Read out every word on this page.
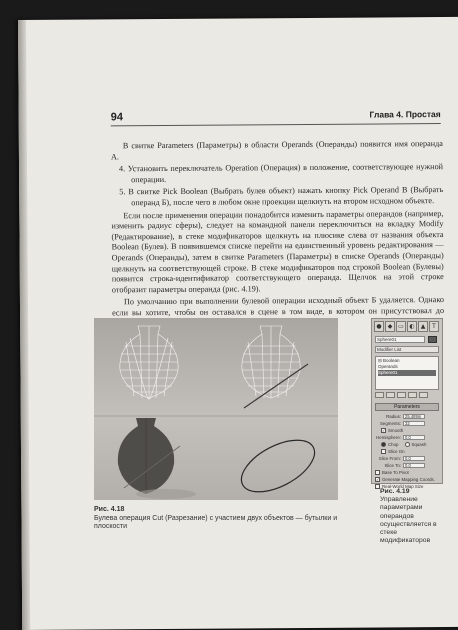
94	Глава 4. Простая

В свитке Parameters (Параметры) в области Operands (Операнды) появится имя операнда А.

4. Установить переключатель Operation (Операция) в положение, соответствующее нужной операции.

5. В свитке Pick Boolean (Выбрать булев объект) нажать кнопку Pick Operand B (Выбрать операнд Б), после чего в любом окне проекции щелкнуть на втором исходном объекте.

Если после применения операции понадобится изменить параметры операндов (например, изменить радиус сферы), следует на командной панели переключиться на вкладку Modify (Редактирование), в стеке модификаторов щелкнуть на плюсике слева от названия объекта Boolean (Булев). В появившемся списке перейти на единственный уровень редактирования — Operands (Операнды), затем в свитке Parameters (Параметры) в списке Operands (Операнды) щелкнуть на соответствующей строке. В стеке модификаторов под строкой Boolean (Булевы) появится строка-идентификатор соответствующего операнда. Щелчок на этой строке отобразит параметры операнда (рис. 4.19).

По умолчанию при выполнении булевой операции исходный объект Б удаляется. Однако если вы хотите, чтобы он оставался в сцене в том виде, в котором он присутствовал до

Рис. 4.18
Булева операция Cut (Разрезание) с участием двух объектов — бутылки и плоскости
●	◆ ▭ ◐	▲	T
Sphere01
Modifier List
⊟ Boolean
Operands
Sphere01
Parameters
Radius: 25,489m
Segments: 32
✓ Smooth
Hemisphere: 0,0
Chop	Squash
Slice On
Slice From: 0,0
Slice To: 0,0
Base To Pivot
✓ Generate Mapping Coords.
Real-World Map Size
Рис. 4.19
Управление параметрами операндов осуществляется в стеке модификаторов
